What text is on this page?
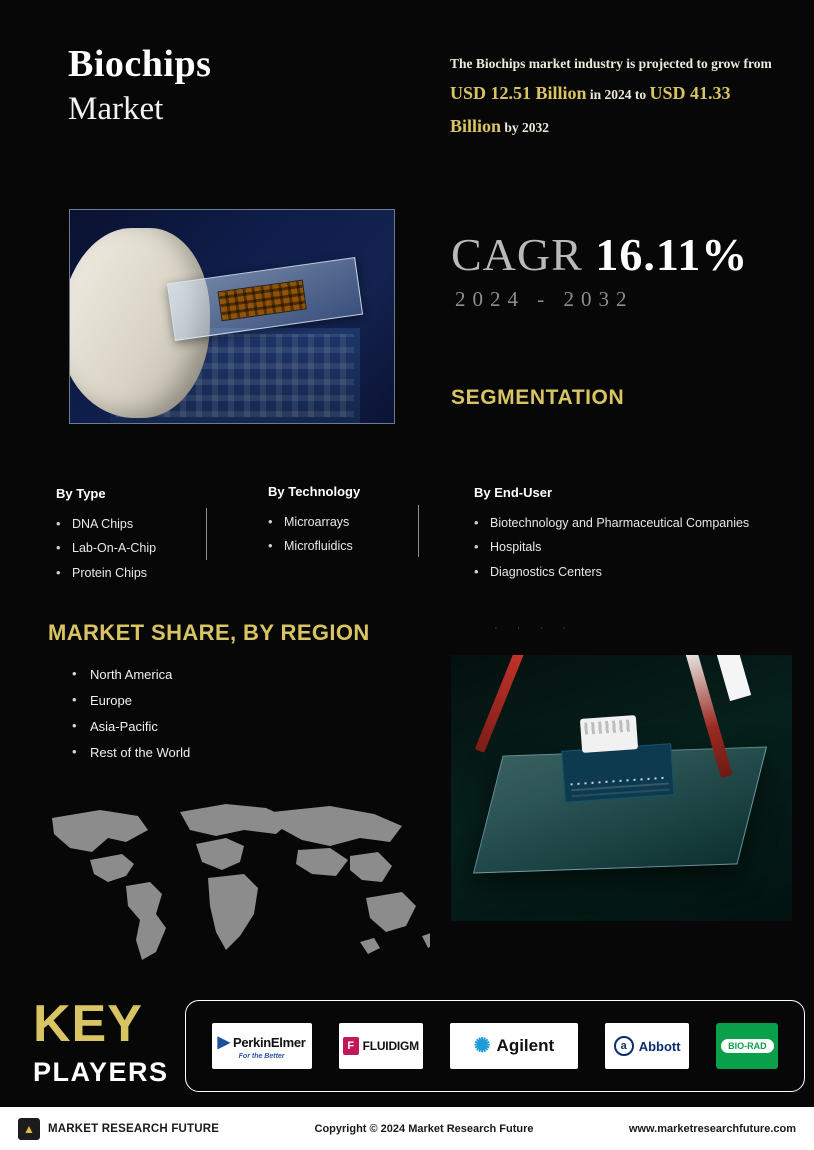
Biochips
Market
The Biochips market industry is projected to grow from USD 12.51 Billion in 2024 to USD 41.33 Billion by 2032
CAGR 16.11%
2024 - 2032
SEGMENTATION
By Type
• DNA Chips
• Lab-On-A-Chip
• Protein Chips
By Technology
• Microarrays
• Microfluidics
By End-User
• Biotechnology and Pharmaceutical Companies
• Hospitals
• Diagnostics Centers
MARKET SHARE, BY REGION
• North America
• Europe
• Asia-Pacific
• Rest of the World
· · · ·
KEY
PLAYERS
▶ PerkinElmer
For the Better
F FLUIDIGM	✺ Agilent	a Abbott	BIO-RAD
▲	MARKET RESEARCH FUTURE	Copyright © 2024 Market Research Future	www.marketresearchfuture.com
